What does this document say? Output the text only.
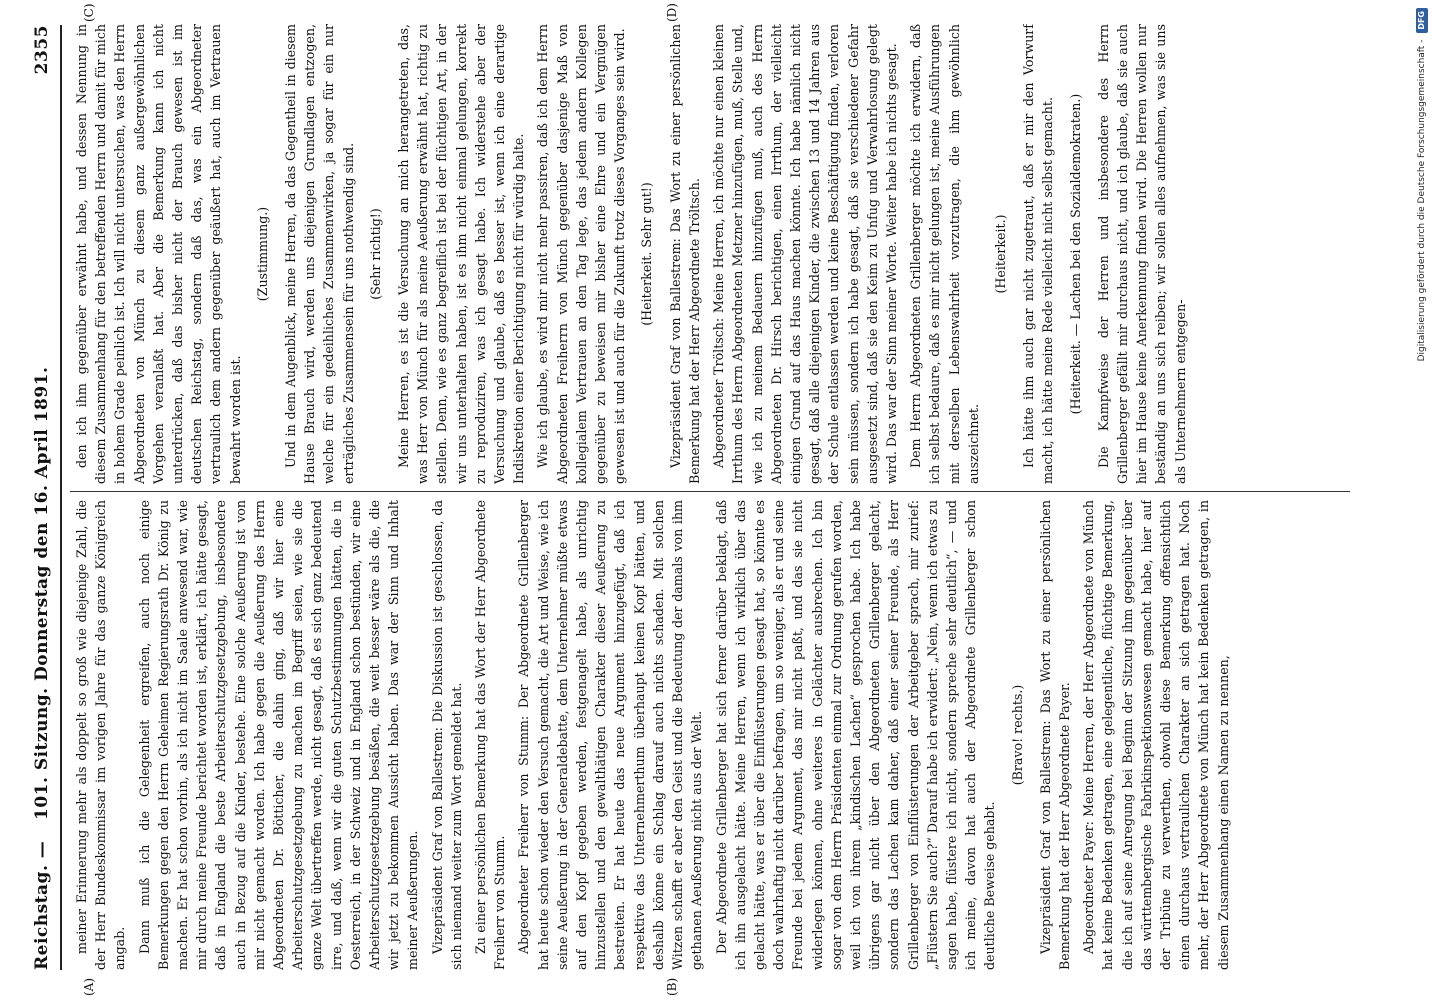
Reichstag. —
101. Sitzung. Donnerstag den 16. April 1891.
2355
(A)	(B)
(C)	(D)

meiner Erinnerung mehr als doppelt so groß wie diejenige Zahl, die der Herr Bundeskommissar im vorigen Jahre für das ganze Königreich angab. Dann muß ich die Gelegenheit ergreifen, auch noch einige Bemerkungen gegen den Herrn Geheimen Regierungsrath Dr. König zu machen. Er hat schon vorhin, als ich nicht im Saale anwesend war, wie mir durch meine Freunde berichtet worden ist, erklärt, ich hätte gesagt, daß in England die beste Arbeiterschutzgesetzgebung, insbesondere auch in Bezug auf die Kinder, bestehe. Eine solche Aeußerung ist von mir nicht gemacht worden. Ich habe gegen die Aeußerung des Herrn Abgeordneten Dr. Bötticher, die dahin ging, daß wir hier eine Arbeiterschutzgesetzgebung zu machen im Begriff seien, wie sie die ganze Welt übertreffen werde, nicht gesagt, daß es sich ganz bedeutend irre, und daß, wenn wir die guten Schutzbestimmungen hätten, die in Oesterreich, in der Schweiz und in England schon bestünden, wir eine Arbeiterschutzgesetzgebung besäßen, die weit besser wäre als die, die wir jetzt zu bekommen Aussicht haben. Das war der Sinn und Inhalt meiner Aeußerungen. Vizepräsident Graf von Ballestrem: Die Diskussion ist geschlossen, da sich niemand weiter zum Wort gemeldet hat. Zu einer persönlichen Bemerkung hat das Wort der Herr Abgeordnete Freiherr von Stumm. Abgeordneter Freiherr von Stumm: Der Abgeordnete Grillenberger hat heute schon wieder den Versuch gemacht, die Art und Weise, wie ich seine Aeußerung in der Generaldebatte, dem Unternehmer müßte etwas auf den Kopf gegeben werden, festgenagelt habe, als unrichtig hinzustellen und den gewalthätigen Charakter dieser Aeußerung zu bestreiten. Er hat heute das neue Argument hinzugefügt, daß ich respektive das Unternehmerthum überhaupt keinen Kopf hätten, und deshalb könne ein Schlag darauf auch nichts schaden. Mit solchen Witzen schafft er aber den Geist und die Bedeutung der damals von ihm gethanen Aeußerung nicht aus der Welt. Der Abgeordnete Grillenberger hat sich ferner darüber beklagt, daß ich ihn ausgelacht hätte. Meine Herren, wenn ich wirklich über das gelacht hätte, was er über die Einflüsterungen gesagt hat, so könnte es doch wahrhaftig nicht darüber befragen, um so weniger, als er und seine Freunde bei jedem Argument, das mir nicht paßt, und das sie nicht widerlegen können, ohne weiteres in Gelächter ausbrechen. Ich bin sogar von dem Herrn Präsidenten einmal zur Ordnung gerufen worden, weil ich von ihrem „kindischen Lachen“ gesprochen habe. Ich habe übrigens gar nicht über den Abgeordneten Grillenberger gelacht, sondern das Lachen kam daher, daß einer seiner Freunde, als Herr Grillenberger von Einflüsterungen der Arbeitgeber sprach, mir zurief: „Flüstern Sie auch?“ Darauf habe ich erwidert: „Nein, wenn ich etwas zu sagen habe, flüstere ich nicht, sondern spreche sehr deutlich“, — und ich meine, davon hat auch der Abgeordnete Grillenberger schon deutliche Beweise gehabt.

(Bravo! rechts.) Vizepräsident Graf von Ballestrem: Das Wort zu einer persönlichen Bemerkung hat der Herr Abgeordnete Payer. Abgeordneter Payer: Meine Herren, der Herr Abgeordnete von Münch hat keine Bedenken getragen, eine gelegentliche, flüchtige Bemerkung, die ich auf seine Anregung bei Beginn der Sitzung ihm gegenüber über das württembergische Fabrikinspektionswesen gemacht habe, hier auf der Tribüne zu verwerthen, obwohl diese Bemerkung offensichtlich einen durchaus vertraulichen Charakter an sich getragen hat. Noch mehr, der Herr Abgeordnete von Münch hat kein Bedenken getragen, in diesem Zusammenhang einen Namen zu nennen,

den ich ihm gegenüber erwähnt habe, und dessen Nennung in diesem Zusammenhang für den betreffenden Herrn und damit für mich in hohem Grade peinlich ist. Ich will nicht untersuchen, was den Herrn Abgeordneten von Münch zu diesem ganz außergewöhnlichen Vorgehen veranlaßt hat. Aber die Bemerkung kann ich nicht unterdrücken, daß das bisher nicht der Brauch gewesen ist im deutschen Reichstag, sondern daß das, was ein Abgeordneter vertraulich dem andern gegenüber geäußert hat, auch im Vertrauen bewahrt worden ist.

(Zustimmung.) Und in dem Augenblick, meine Herren, da das Gegentheil in diesem Hause Brauch wird, werden uns diejenigen Grundlagen entzogen, welche für ein gedeihliches Zusammenwirken, ja sogar für ein nur erträgliches Zusammensein für uns nothwendig sind. (Sehr richtig!) Meine Herren, es ist die Versuchung an mich herangetreten, das, was Herr von Münch für als meine Aeußerung erwähnt hat, richtig zu stellen. Denn, wie es ganz begreiflich ist bei der flüchtigen Art, in der wir uns unterhalten haben, ist es ihm nicht einmal gelungen, korrekt zu reproduziren, was ich gesagt habe. Ich widerstehe aber der Versuchung und glaube, daß es besser ist, wenn ich eine derartige Indiskretion einer Berichtigung nicht für würdig halte. Wie ich glaube, es wird mir nicht mehr passiren, daß ich dem Herrn Abgeordneten Freiherrn von Münch gegenüber dasjenige Maß von kollegialem Vertrauen an den Tag lege, das jedem andern Kollegen gegenüber zu beweisen mir bisher eine Ehre und ein Vergnügen gewesen ist und auch für die Zukunft trotz dieses Vorganges sein wird. (Heiterkeit. Sehr gut!) Vizepräsident Graf von Ballestrem: Das Wort zu einer persönlichen Bemerkung hat der Herr Abgeordnete Tröltsch. Abgeordneter Tröltsch: Meine Herren, ich möchte nur einen kleinen Irrthum des Herrn Abgeordneten Metzner hinzufügen, muß, Stelle und, wie ich zu meinem Bedauern hinzufügen muß, auch des Herrn Abgeordneten Dr. Hirsch berichtigen, einen Irrthum, der vielleicht einigen Grund auf das Haus machen könnte. Ich habe nämlich nicht gesagt, daß alle diejenigen Kinder, die zwischen 13 und 14 Jahren aus der Schule entlassen werden und keine Beschäftigung finden, verloren sein müssen, sondern ich habe gesagt, daß sie verschiedener Gefahr ausgesetzt sind, daß sie den Keim zu Unfug und Verwahrlosung gelegt wird. Das war der Sinn meiner Worte. Weiter habe ich nichts gesagt. Dem Herrn Abgeordneten Grillenberger möchte ich erwidern, daß ich selbst bedaure, daß es mir nicht gelungen ist, meine Ausführungen mit derselben Lebenswahrheit vorzutragen, die ihm gewöhnlich auszeichnet.

(Heiterkeit.) Ich hätte ihm auch gar nicht zugetraut, daß er mir den Vorwurf macht, ich hätte meine Rede vielleicht nicht selbst gemacht. (Heiterkeit. — Lachen bei den Sozialdemokraten.) Die Kampfweise der Herren und insbesondere des Herrn Grillenberger gefällt mir durchaus nicht, und ich glaube, daß sie auch hier im Hause keine Anerkennung finden wird. Die Herren wollen nur beständig an uns sich reiben; wir sollen alles aufnehmen, was sie uns als Unternehmern entgegen-

Digitalisierung gefördert durch die Deutsche Forschungsgemeinschaft - DFG
